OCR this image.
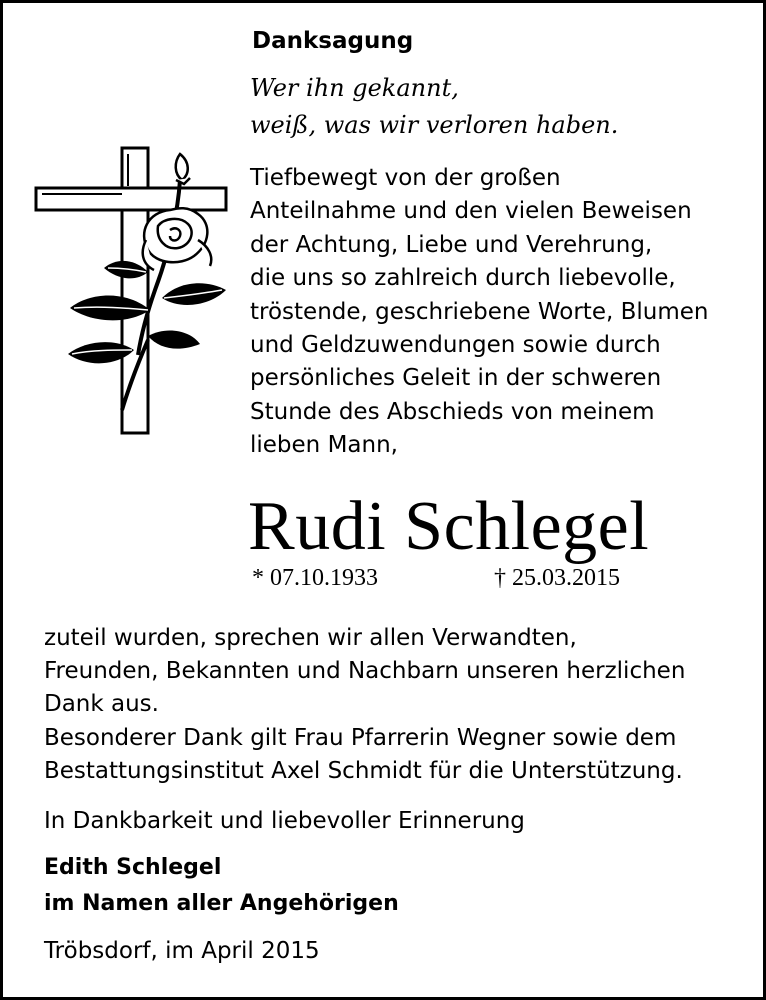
Danksagung
Wer ihn gekannt,
weiß, was wir verloren haben.
Tiefbewegt von der großen
Anteilnahme und den vielen Beweisen
der Achtung, Liebe und Verehrung,
die uns so zahlreich durch liebevolle,
tröstende, geschriebene Worte, Blumen
und Geldzuwendungen sowie durch
persönliches Geleit in der schweren
Stunde des Abschieds von meinem
lieben Mann,
Rudi Schlegel
* 07.10.1933	† 25.03.2015
zuteil wurden, sprechen wir allen Verwandten,
Freunden, Bekannten und Nachbarn unseren herzlichen
Dank aus.
Besonderer Dank gilt Frau Pfarrerin Wegner sowie dem
Bestattungsinstitut Axel Schmidt für die Unterstützung.
In Dankbarkeit und liebevoller Erinnerung
Edith Schlegel
im Namen aller Angehörigen
Tröbsdorf, im April 2015
